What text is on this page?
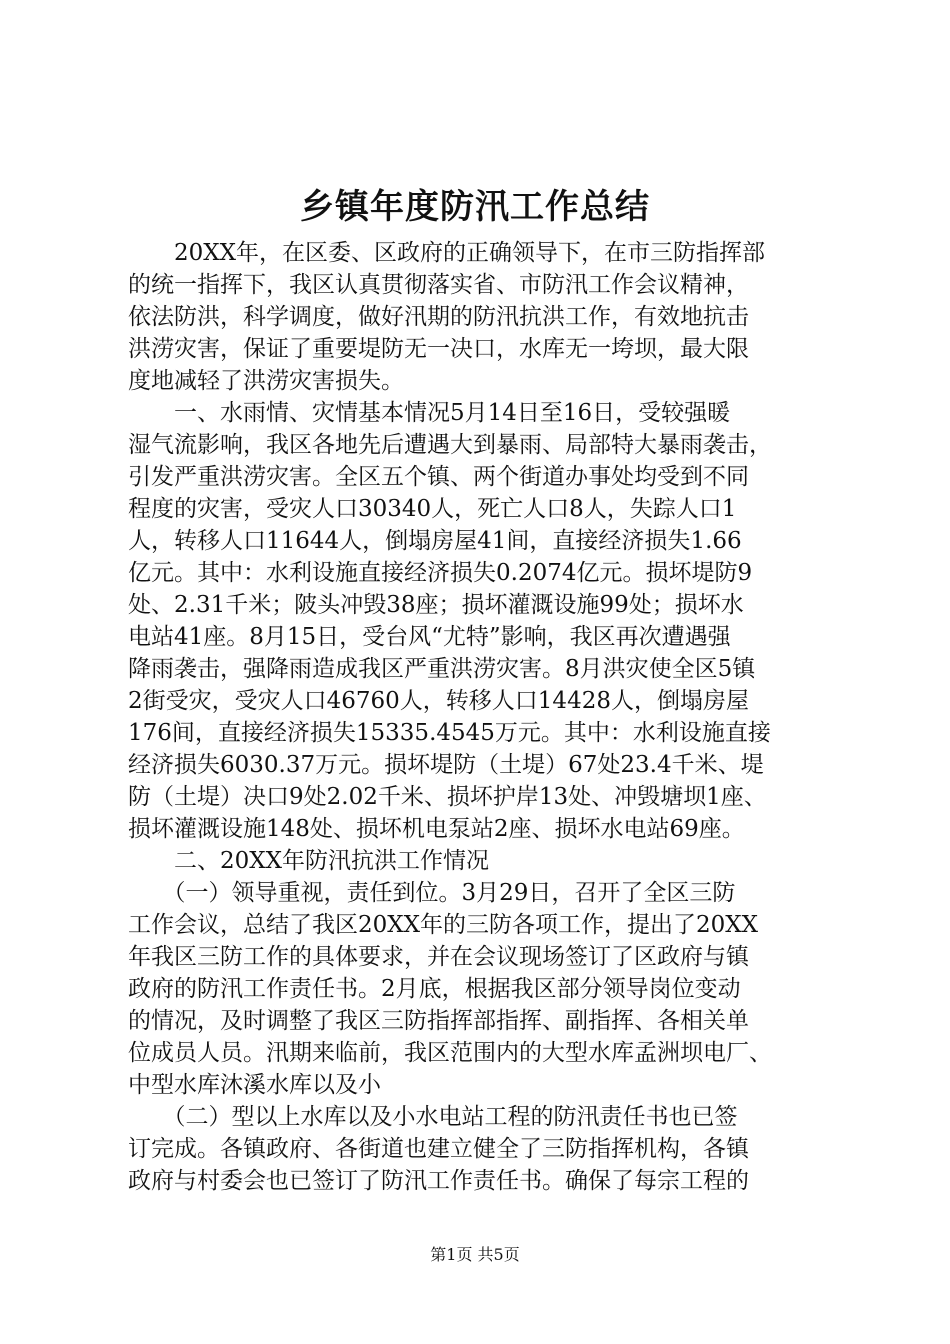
乡镇年度防汛工作总结
　　20XX年，在区委、区政府的正确领导下，在市三防指挥部
的统一指挥下，我区认真贯彻落实省、市防汛工作会议精神，
依法防洪，科学调度，做好汛期的防汛抗洪工作，有效地抗击
洪涝灾害，保证了重要堤防无一决口，水库无一垮坝，最大限
度地减轻了洪涝灾害损失。
　　一、水雨情、灾情基本情况5月14日至16日，受较强暖
湿气流影响，我区各地先后遭遇大到暴雨、局部特大暴雨袭击，
引发严重洪涝灾害。全区五个镇、两个街道办事处均受到不同
程度的灾害，受灾人口30340人，死亡人口8人，失踪人口1
人，转移人口11644人，倒塌房屋41间，直接经济损失1.66
亿元。其中：水利设施直接经济损失0.2074亿元。损坏堤防9
处、2.31千米；陂头冲毁38座；损坏灌溉设施99处；损坏水
电站41座。8月15日，受台风“尤特”影响，我区再次遭遇强
降雨袭击，强降雨造成我区严重洪涝灾害。8月洪灾使全区5镇
2街受灾，受灾人口46760人，转移人口14428人，倒塌房屋
176间，直接经济损失15335.4545万元。其中：水利设施直接
经济损失6030.37万元。损坏堤防（土堤）67处23.4千米、堤
防（土堤）决口9处2.02千米、损坏护岸13处、冲毁塘坝1座、
损坏灌溉设施148处、损坏机电泵站2座、损坏水电站69座。
　　二、20XX年防汛抗洪工作情况
　　（一）领导重视，责任到位。3月29日，召开了全区三防
工作会议，总结了我区20XX年的三防各项工作，提出了20XX
年我区三防工作的具体要求，并在会议现场签订了区政府与镇
政府的防汛工作责任书。2月底，根据我区部分领导岗位变动
的情况，及时调整了我区三防指挥部指挥、副指挥、各相关单
位成员人员。汛期来临前，我区范围内的大型水库孟洲坝电厂、
中型水库沐溪水库以及小
　　（二）型以上水库以及小水电站工程的防汛责任书也已签
订完成。各镇政府、各街道也建立健全了三防指挥机构，各镇
政府与村委会也已签订了防汛工作责任书。确保了每宗工程的
第1页 共5页
